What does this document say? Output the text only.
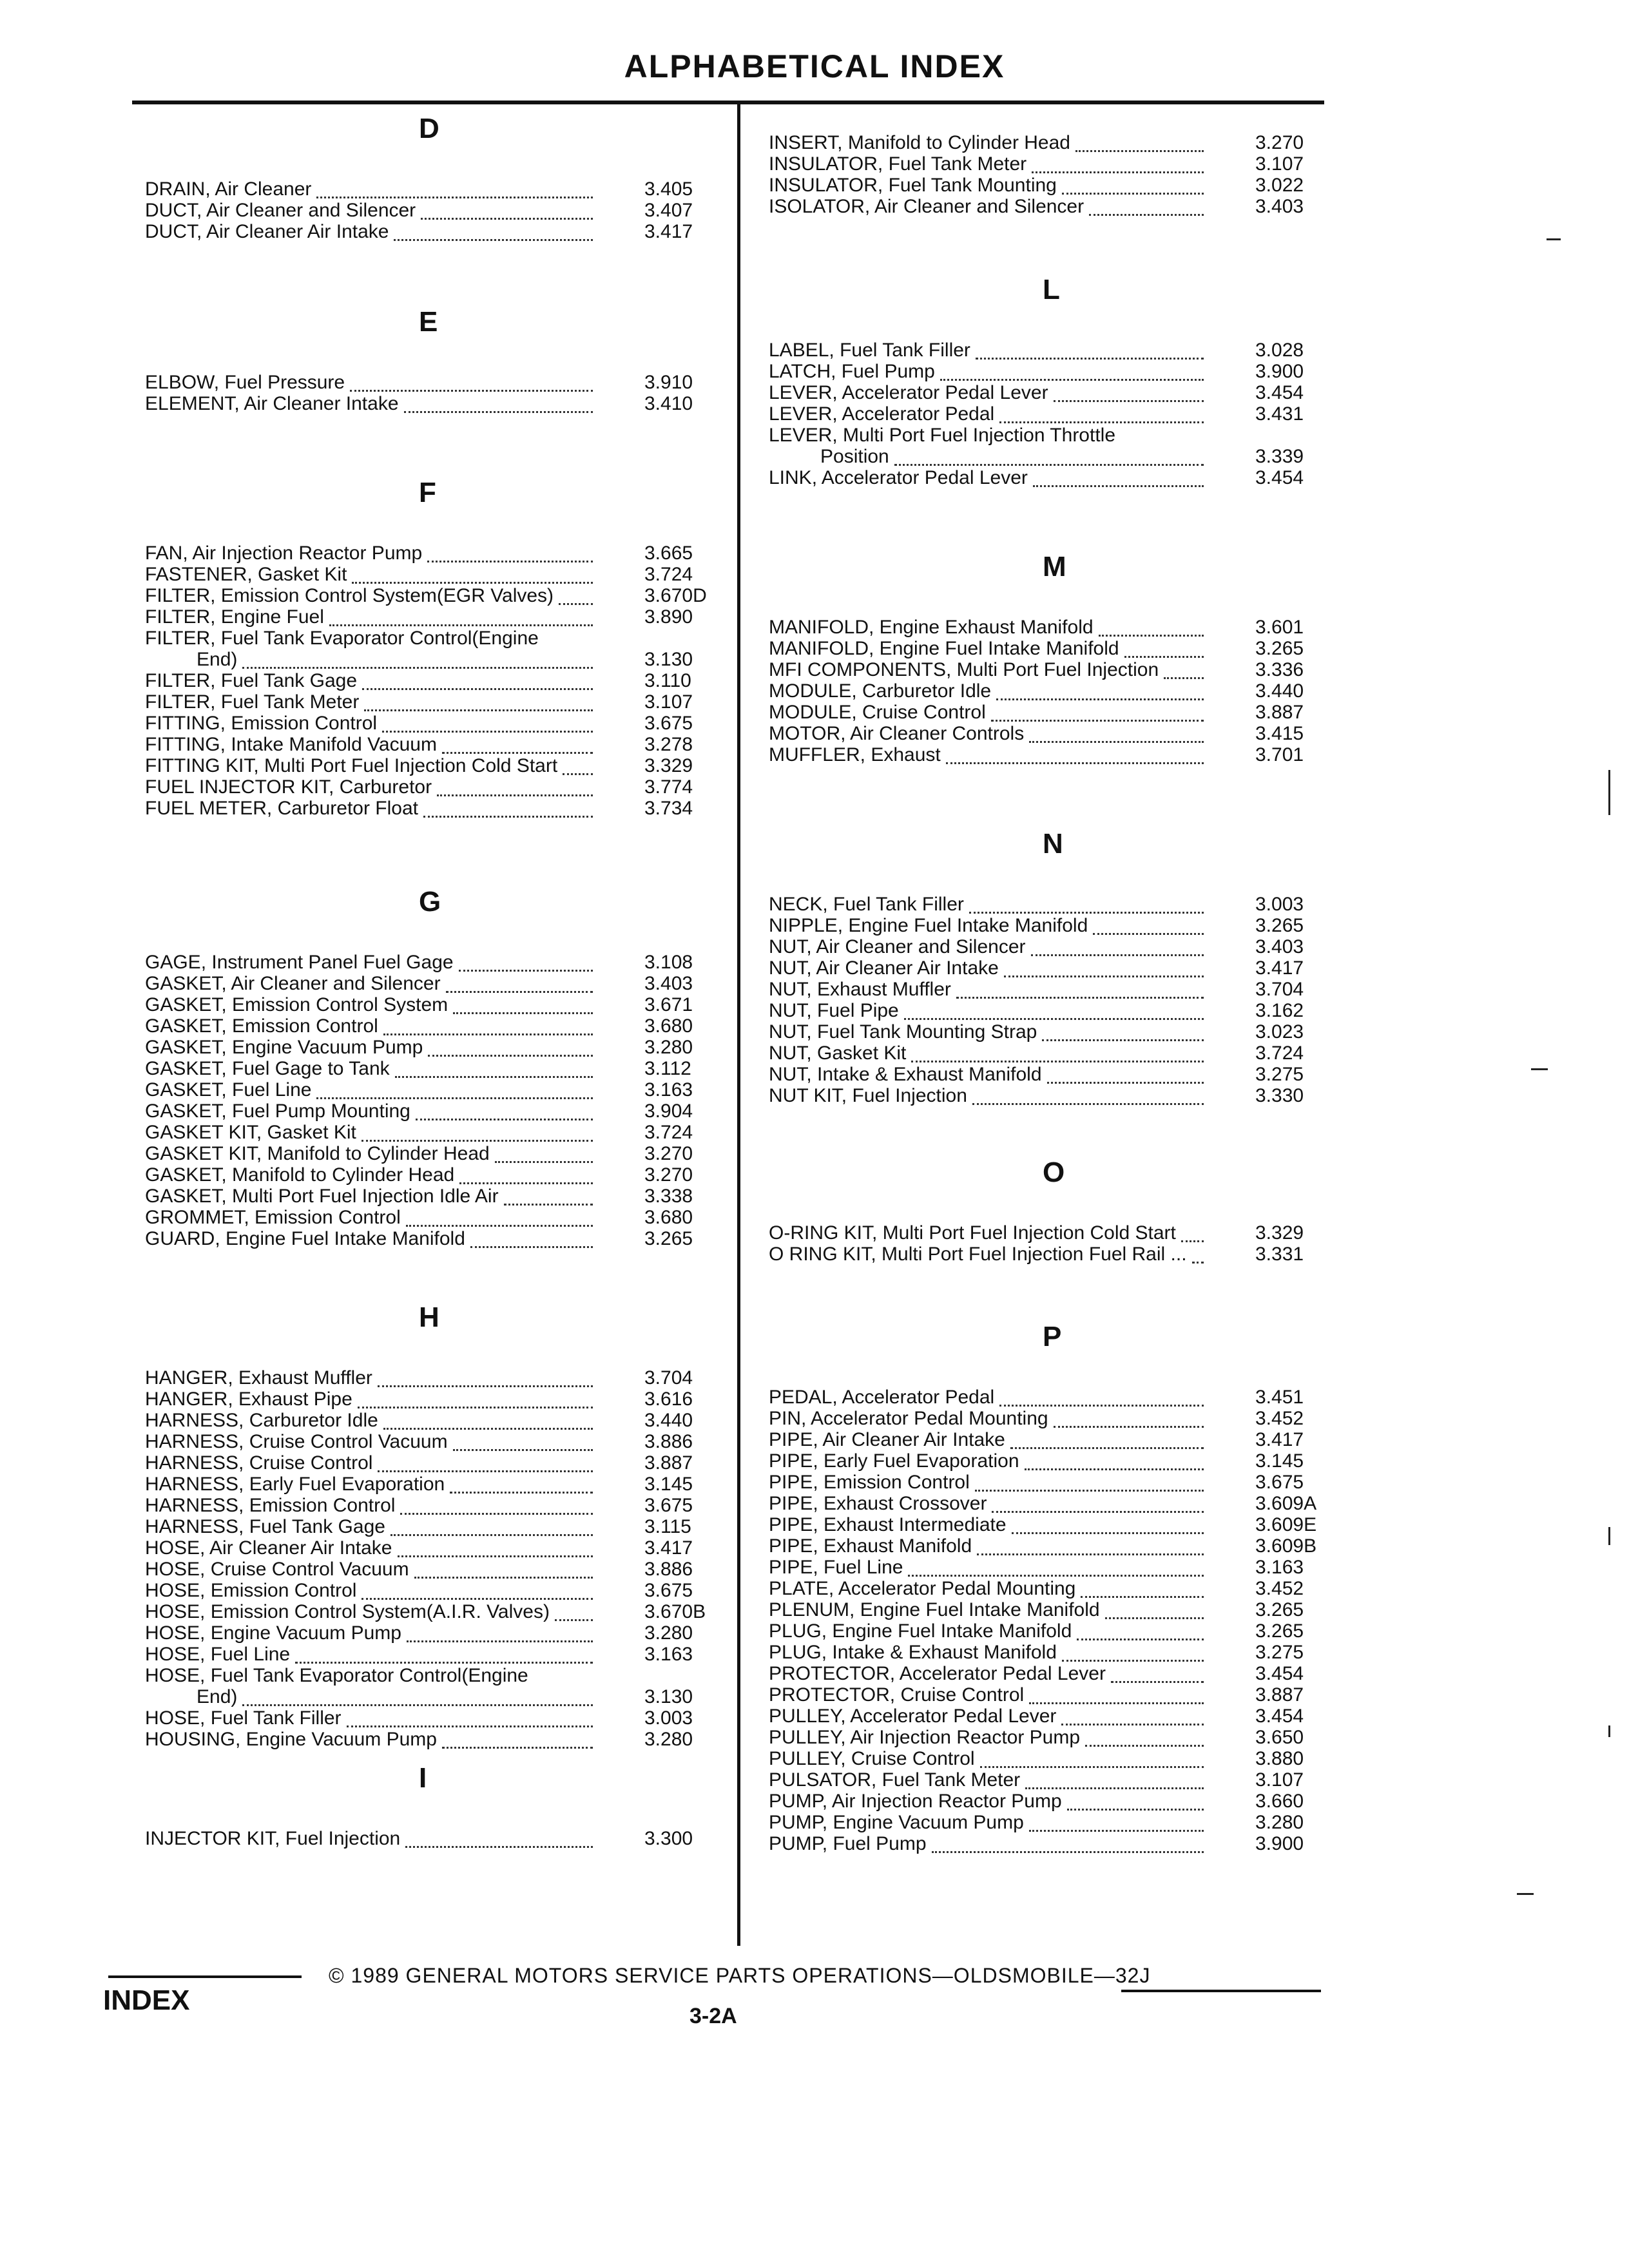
ALPHABETICAL INDEX
D
DRAIN, Air Cleaner	3.405
DUCT, Air Cleaner and Silencer	3.407
DUCT, Air Cleaner Air Intake	3.417
E
ELBOW, Fuel Pressure	3.910
ELEMENT, Air Cleaner Intake	3.410
F
FAN, Air Injection Reactor Pump	3.665
FASTENER, Gasket Kit	3.724
FILTER, Emission Control System(EGR Valves)	3.670D
FILTER, Engine Fuel	3.890
FILTER, Fuel Tank Evaporator Control(Engine
End)	3.130
FILTER, Fuel Tank Gage	3.110
FILTER, Fuel Tank Meter	3.107
FITTING, Emission Control	3.675
FITTING, Intake Manifold Vacuum	3.278
FITTING KIT, Multi Port Fuel Injection Cold Start	3.329
FUEL INJECTOR KIT, Carburetor	3.774
FUEL METER, Carburetor Float	3.734
G
GAGE, Instrument Panel Fuel Gage	3.108
GASKET, Air Cleaner and Silencer	3.403
GASKET, Emission Control System	3.671
GASKET, Emission Control	3.680
GASKET, Engine Vacuum Pump	3.280
GASKET, Fuel Gage to Tank	3.112
GASKET, Fuel Line	3.163
GASKET, Fuel Pump Mounting	3.904
GASKET KIT, Gasket Kit	3.724
GASKET KIT, Manifold to Cylinder Head	3.270
GASKET, Manifold to Cylinder Head	3.270
GASKET, Multi Port Fuel Injection Idle Air	3.338
GROMMET, Emission Control	3.680
GUARD, Engine Fuel Intake Manifold	3.265
H
HANGER, Exhaust Muffler	3.704
HANGER, Exhaust Pipe	3.616
HARNESS, Carburetor Idle	3.440
HARNESS, Cruise Control Vacuum	3.886
HARNESS, Cruise Control	3.887
HARNESS, Early Fuel Evaporation	3.145
HARNESS, Emission Control	3.675
HARNESS, Fuel Tank Gage	3.115
HOSE, Air Cleaner Air Intake	3.417
HOSE, Cruise Control Vacuum	3.886
HOSE, Emission Control	3.675
HOSE, Emission Control System(A.I.R. Valves)	3.670B
HOSE, Engine Vacuum Pump	3.280
HOSE, Fuel Line	3.163
HOSE, Fuel Tank Evaporator Control(Engine
End)	3.130
HOSE, Fuel Tank Filler	3.003
HOUSING, Engine Vacuum Pump	3.280
I
INJECTOR KIT, Fuel Injection	3.300
INSERT, Manifold to Cylinder Head	3.270
INSULATOR, Fuel Tank Meter	3.107
INSULATOR, Fuel Tank Mounting	3.022
ISOLATOR, Air Cleaner and Silencer	3.403
L
LABEL, Fuel Tank Filler	3.028
LATCH, Fuel Pump	3.900
LEVER, Accelerator Pedal Lever	3.454
LEVER, Accelerator Pedal	3.431
LEVER, Multi Port Fuel Injection Throttle
Position	3.339
LINK, Accelerator Pedal Lever	3.454
M
MANIFOLD, Engine Exhaust Manifold	3.601
MANIFOLD, Engine Fuel Intake Manifold	3.265
MFI COMPONENTS, Multi Port Fuel Injection	3.336
MODULE, Carburetor Idle	3.440
MODULE, Cruise Control	3.887
MOTOR, Air Cleaner Controls	3.415
MUFFLER, Exhaust	3.701
N
NECK, Fuel Tank Filler	3.003
NIPPLE, Engine Fuel Intake Manifold	3.265
NUT, Air Cleaner and Silencer	3.403
NUT, Air Cleaner Air Intake	3.417
NUT, Exhaust Muffler	3.704
NUT, Fuel Pipe	3.162
NUT, Fuel Tank Mounting Strap	3.023
NUT, Gasket Kit	3.724
NUT, Intake & Exhaust Manifold	3.275
NUT KIT, Fuel Injection	3.330
O
O-RING KIT, Multi Port Fuel Injection Cold Start	3.329
O RING KIT, Multi Port Fuel Injection Fuel Rail ...	3.331
P
PEDAL, Accelerator Pedal	3.451
PIN, Accelerator Pedal Mounting	3.452
PIPE, Air Cleaner Air Intake	3.417
PIPE, Early Fuel Evaporation	3.145
PIPE, Emission Control	3.675
PIPE, Exhaust Crossover	3.609A
PIPE, Exhaust Intermediate	3.609E
PIPE, Exhaust Manifold	3.609B
PIPE, Fuel Line	3.163
PLATE, Accelerator Pedal Mounting	3.452
PLENUM, Engine Fuel Intake Manifold	3.265
PLUG, Engine Fuel Intake Manifold	3.265
PLUG, Intake & Exhaust Manifold	3.275
PROTECTOR, Accelerator Pedal Lever	3.454
PROTECTOR, Cruise Control	3.887
PULLEY, Accelerator Pedal Lever	3.454
PULLEY, Air Injection Reactor Pump	3.650
PULLEY, Cruise Control	3.880
PULSATOR, Fuel Tank Meter	3.107
PUMP, Air Injection Reactor Pump	3.660
PUMP, Engine Vacuum Pump	3.280
PUMP, Fuel Pump	3.900
© 1989 GENERAL MOTORS SERVICE PARTS OPERATIONS—OLDSMOBILE—32J
INDEX	3-2A
